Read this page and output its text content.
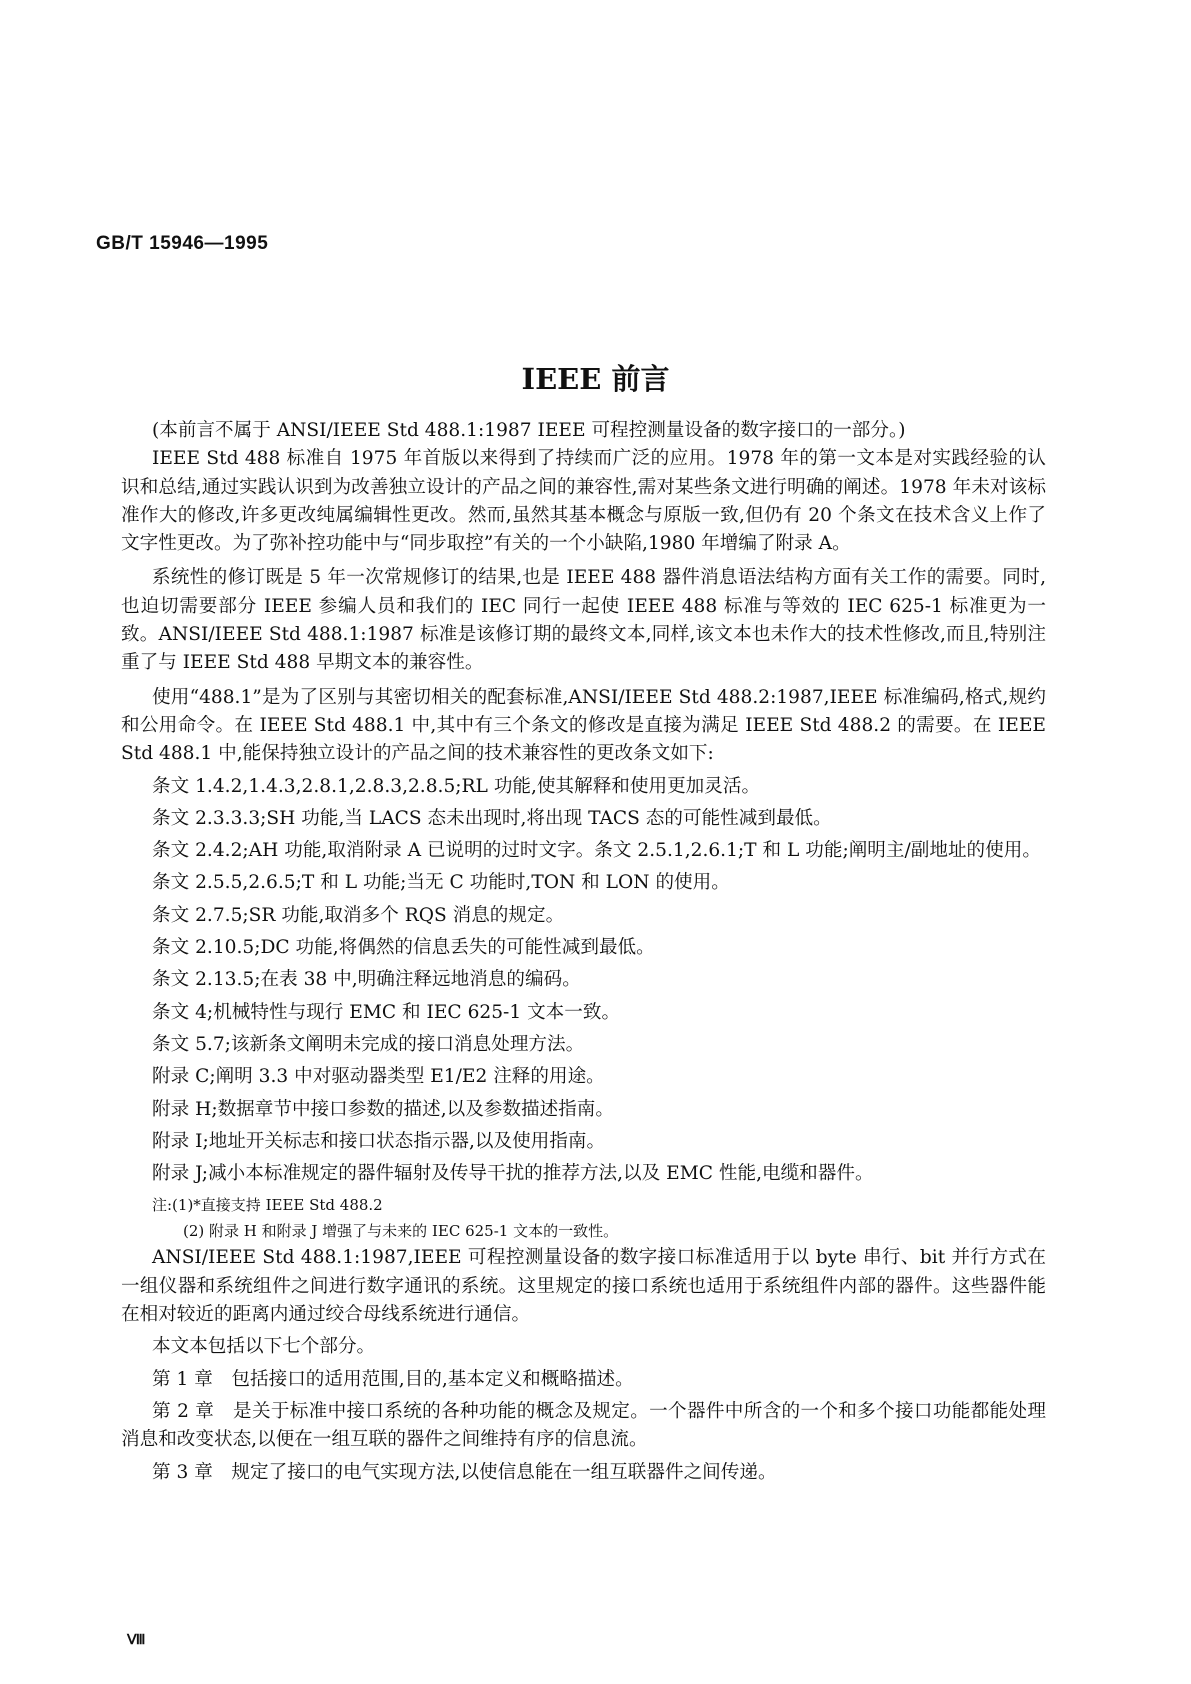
GB/T 15946—1995
IEEE 前言

(本前言不属于 ANSI/IEEE Std 488.1:1987 IEEE 可程控测量设备的数字接口的一部分。)

IEEE Std 488 标准自 1975 年首版以来得到了持续而广泛的应用。1978 年的第一文本是对实践经验的认识和总结,通过实践认识到为改善独立设计的产品之间的兼容性,需对某些条文进行明确的阐述。1978 年未对该标准作大的修改,许多更改纯属编辑性更改。然而,虽然其基本概念与原版一致,但仍有 20 个条文在技术含义上作了文字性更改。为了弥补控功能中与“同步取控”有关的一个小缺陷,1980 年增编了附录 A。

系统性的修订既是 5 年一次常规修订的结果,也是 IEEE 488 器件消息语法结构方面有关工作的需要。同时,也迫切需要部分 IEEE 参编人员和我们的 IEC 同行一起使 IEEE 488 标准与等效的 IEC 625-1 标准更为一致。ANSI/IEEE Std 488.1:1987 标准是该修订期的最终文本,同样,该文本也未作大的技术性修改,而且,特别注重了与 IEEE Std 488 早期文本的兼容性。

使用“488.1”是为了区别与其密切相关的配套标准,ANSI/IEEE Std 488.2:1987,IEEE 标准编码,格式,规约和公用命令。在 IEEE Std 488.1 中,其中有三个条文的修改是直接为满足 IEEE Std 488.2 的需要。在 IEEE Std 488.1 中,能保持独立设计的产品之间的技术兼容性的更改条文如下:

条文 1.4.2,1.4.3,2.8.1,2.8.3,2.8.5;RL 功能,使其解释和使用更加灵活。

条文 2.3.3.3;SH 功能,当 LACS 态未出现时,将出现 TACS 态的可能性减到最低。

条文 2.4.2;AH 功能,取消附录 A 已说明的过时文字。条文 2.5.1,2.6.1;T 和 L 功能;阐明主/副地址的使用。

条文 2.5.5,2.6.5;T 和 L 功能;当无 C 功能时,TON 和 LON 的使用。

条文 2.7.5;SR 功能,取消多个 RQS 消息的规定。

条文 2.10.5;DC 功能,将偶然的信息丢失的可能性减到最低。

条文 2.13.5;在表 38 中,明确注释远地消息的编码。

条文 4;机械特性与现行 EMC 和 IEC 625-1 文本一致。

条文 5.7;该新条文阐明未完成的接口消息处理方法。

附录 C;阐明 3.3 中对驱动器类型 E1/E2 注释的用途。

附录 H;数据章节中接口参数的描述,以及参数描述指南。

附录 I;地址开关标志和接口状态指示器,以及使用指南。

附录 J;减小本标准规定的器件辐射及传导干扰的推荐方法,以及 EMC 性能,电缆和器件。

注:(1)*直接支持 IEEE Std 488.2

(2) 附录 H 和附录 J 增强了与未来的 IEC 625-1 文本的一致性。

ANSI/IEEE Std 488.1:1987,IEEE 可程控测量设备的数字接口标准适用于以 byte 串行、bit 并行方式在一组仪器和系统组件之间进行数字通讯的系统。这里规定的接口系统也适用于系统组件内部的器件。这些器件能在相对较近的距离内通过绞合母线系统进行通信。

本文本包括以下七个部分。

第 1 章　包括接口的适用范围,目的,基本定义和概略描述。

第 2 章　是关于标准中接口系统的各种功能的概念及规定。一个器件中所含的一个和多个接口功能都能处理消息和改变状态,以便在一组互联的器件之间维持有序的信息流。

第 3 章　规定了接口的电气实现方法,以使信息能在一组互联器件之间传递。

Ⅷ
